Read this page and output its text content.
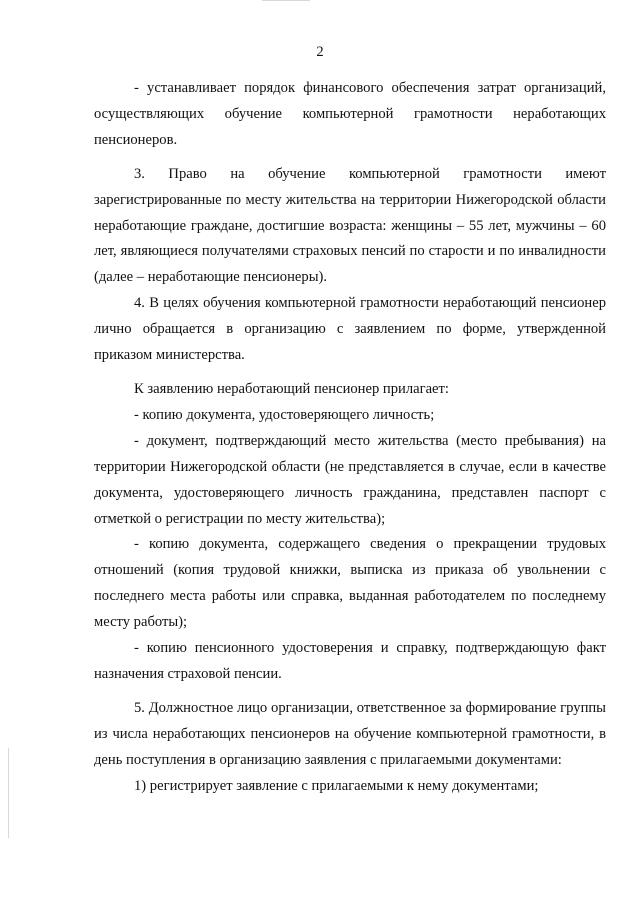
2

- устанавливает порядок финансового обеспечения затрат организаций, осуществляющих обучение компьютерной грамотности неработающих пенсионеров.

3. Право на обучение компьютерной грамотности имеют зарегистрированные по месту жительства на территории Нижегородской области неработающие граждане, достигшие возраста: женщины – 55 лет, мужчины – 60 лет, являющиеся получателями страховых пенсий по старости и по инвалидности (далее – неработающие пенсионеры).

4. В целях обучения компьютерной грамотности неработающий пенсионер лично обращается в организацию с заявлением по форме, утвержденной приказом министерства.

К заявлению неработающий пенсионер прилагает:

- копию документа, удостоверяющего личность;

- документ, подтверждающий место жительства (место пребывания) на территории Нижегородской области (не представляется в случае, если в качестве документа, удостоверяющего личность гражданина, представлен паспорт с отметкой о регистрации по месту жительства);

- копию документа, содержащего сведения о прекращении трудовых отношений (копия трудовой книжки, выписка из приказа об увольнении с последнего места работы или справка, выданная работодателем по последнему месту работы);

- копию пенсионного удостоверения и справку, подтверждающую факт назначения страховой пенсии.

5. Должностное лицо организации, ответственное за формирование группы из числа неработающих пенсионеров на обучение компьютерной грамотности, в день поступления в организацию заявления с прилагаемыми документами:

1) регистрирует заявление с прилагаемыми к нему документами;
